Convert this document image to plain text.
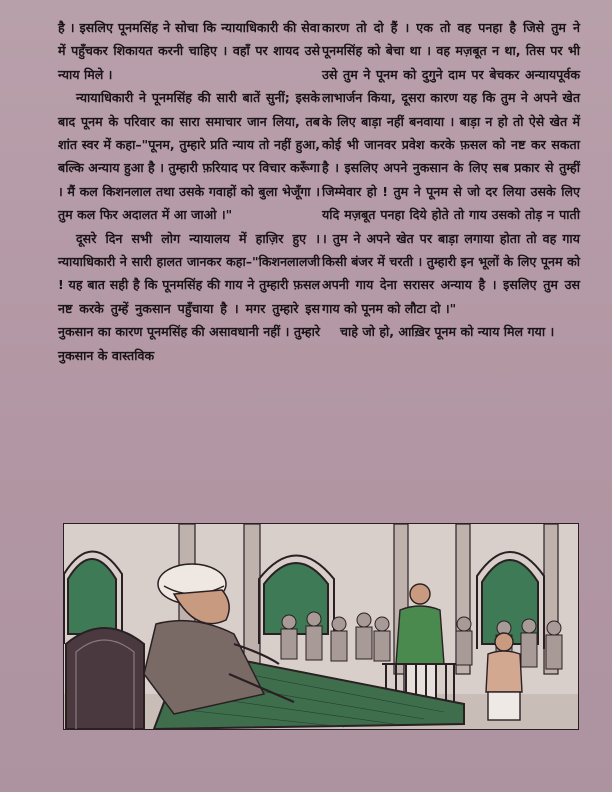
है । इसलिए पूनमसिंह ने सोचा कि न्यायाधिकारी की सेवा में पहुँचकर शिकायत करनी चाहिए । वहाँ पर शायद उसे न्याय मिले ।

न्यायाधिकारी ने पूनमसिंह की सारी बातें सुनीं; इसके बाद पूनम के परिवार का सारा समाचार जान लिया, तब शांत स्वर में कहा–"पूनम, तुम्हारे प्रति न्याय तो नहीं हुआ, बल्कि अन्याय हुआ है । तुम्हारी फ़रियाद पर विचार करूँगा । मैं कल किशनलाल तथा उसके गवाहों को बुला भेजूँगा । तुम कल फिर अदालत में आ जाओ ।"

दूसरे दिन सभी लोग न्यायालय में हाज़िर हुए । न्यायाधिकारी ने सारी हालत जानकर कहा–"किशनलालजी ! यह बात सही है कि पूनमसिंह की गाय ने तुम्हारी फ़सल नष्ट करके तुम्हें नुकसान पहुँचाया है । मगर तुम्हारे इस नुकसान का कारण पूनमसिंह की असावधानी नहीं । तुम्हारे नुकसान के वास्तविक

कारण तो दो हैं । एक तो वह पनहा है जिसे तुम ने पूनमसिंह को बेचा था । वह मज़बूत न था, तिस पर भी उसे तुम ने पूनम को दुगुने दाम पर बेचकर अन्यायपूर्वक लाभार्जन किया, दूसरा कारण यह कि तुम ने अपने खेत के लिए बाड़ा नहीं बनवाया । बाड़ा न हो तो ऐसे खेत में कोई भी जानवर प्रवेश करके फ़सल को नष्ट कर सकता है । इसलिए अपने नुकसान के लिए सब प्रकार से तुम्हीं जिम्मेवार हो ! तुम ने पूनम से जो दर लिया उसके लिए यदि मज़बूत पनहा दिये होते तो गाय उसको तोड़ न पाती । तुम ने अपने खेत पर बाड़ा लगाया होता तो वह गाय किसी बंजर में चरती । तुम्हारी इन भूलों के लिए पूनम को अपनी गाय देना सरासर अन्याय है । इसलिए तुम उस गाय को पूनम को लौटा दो ।"

चाहे जो हो, आख़िर पूनम को न्याय मिल गया ।
